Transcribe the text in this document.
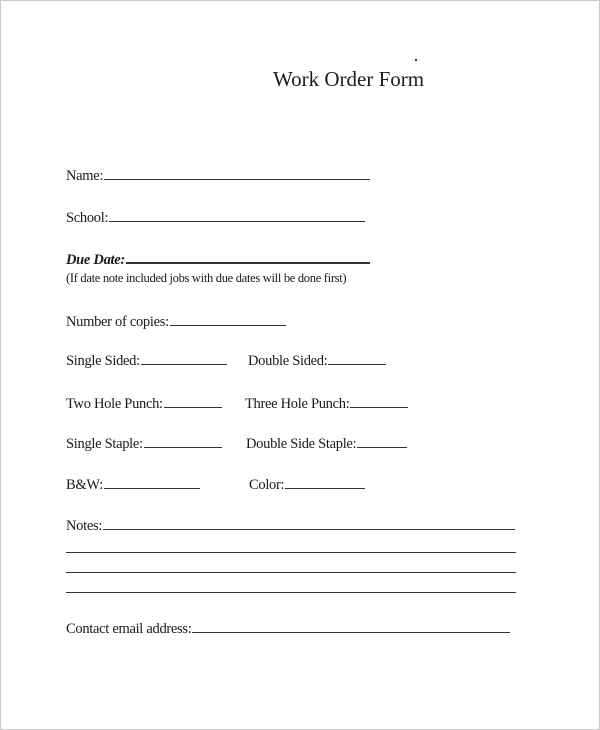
Work Order Form
Name:
School:
Due Date:
(If date note included jobs with due dates will be done first)
Number of copies:
Single Sided:	Double Sided:
Two Hole Punch:	Three Hole Punch:
Single Staple:	Double Side Staple:
B&W:	Color:
Notes:
Contact email address:
